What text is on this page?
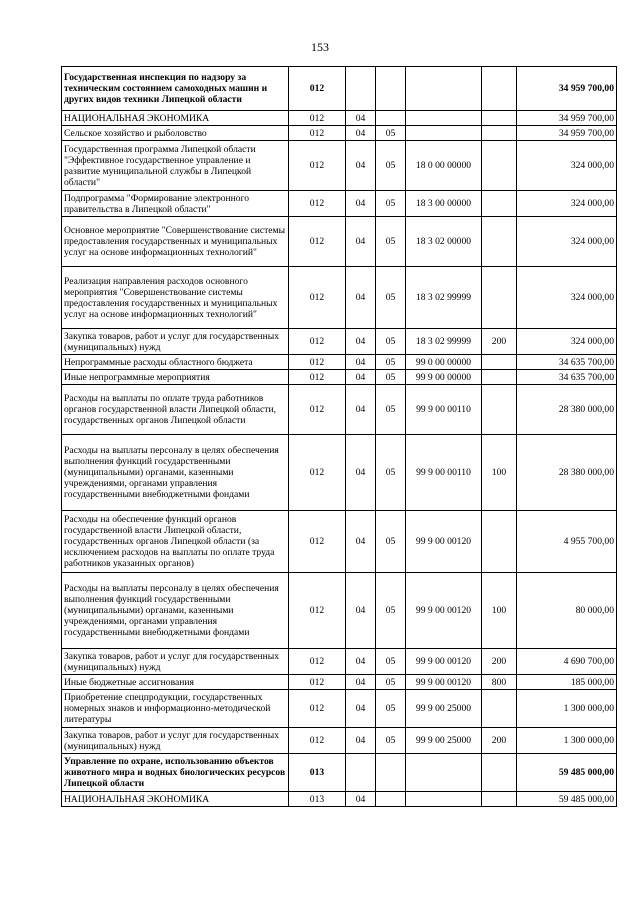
153
Государственная инспекция по надзору за техническим состоянием самоходных машин и других видов техники Липецкой области	012					34 959 700,00
НАЦИОНАЛЬНАЯ ЭКОНОМИКА	012	04				34 959 700,00
Сельское хозяйство и рыболовство	012	04	05			34 959 700,00
Государственная программа Липецкой области "Эффективное государственное управление и развитие муниципальной службы в Липецкой области"	012	04	05	18 0 00 00000		324 000,00
Подпрограмма "Формирование электронного правительства в Липецкой области"	012	04	05	18 3 00 00000		324 000,00
Основное мероприятие "Совершенствование системы предоставления государственных и муниципальных услуг на основе информационных технологий"	012	04	05	18 3 02 00000		324 000,00
Реализация направления расходов основного мероприятия "Совершенствование системы предоставления государственных и муниципальных услуг на основе информационных технологий"	012	04	05	18 3 02 99999		324 000,00
Закупка товаров, работ и услуг для государственных (муниципальных) нужд	012	04	05	18 3 02 99999	200	324 000,00
Непрограммные расходы областного бюджета	012	04	05	99 0 00 00000		34 635 700,00
Иные непрограммные мероприятия	012	04	05	99 9 00 00000		34 635 700,00
Расходы на выплаты по оплате труда работников органов государственной власти Липецкой области, государственных органов Липецкой области	012	04	05	99 9 00 00110		28 380 000,00
Расходы на выплаты персоналу в целях обеспечения выполнения функций государственными (муниципальными) органами, казенными учреждениями, органами управления государственными внебюджетными фондами	012	04	05	99 9 00 00110	100	28 380 000,00
Расходы на обеспечение функций органов государственной власти Липецкой области, государственных органов Липецкой области (за исключением расходов на выплаты по оплате труда работников указанных органов)	012	04	05	99 9 00 00120		4 955 700,00
Расходы на выплаты персоналу в целях обеспечения выполнения функций государственными (муниципальными) органами, казенными учреждениями, органами управления государственными внебюджетными фондами	012	04	05	99 9 00 00120	100	80 000,00
Закупка товаров, работ и услуг для государственных (муниципальных) нужд	012	04	05	99 9 00 00120	200	4 690 700,00
Иные бюджетные ассигнования	012	04	05	99 9 00 00120	800	185 000,00
Приобретение спецпродукции, государственных номерных знаков и информационно-методической литературы	012	04	05	99 9 00 25000		1 300 000,00
Закупка товаров, работ и услуг для государственных (муниципальных) нужд	012	04	05	99 9 00 25000	200	1 300 000,00
Управление по охране, использованию объектов животного мира и водных биологических ресурсов Липецкой области	013					59 485 000,00
НАЦИОНАЛЬНАЯ ЭКОНОМИКА	013	04				59 485 000,00
